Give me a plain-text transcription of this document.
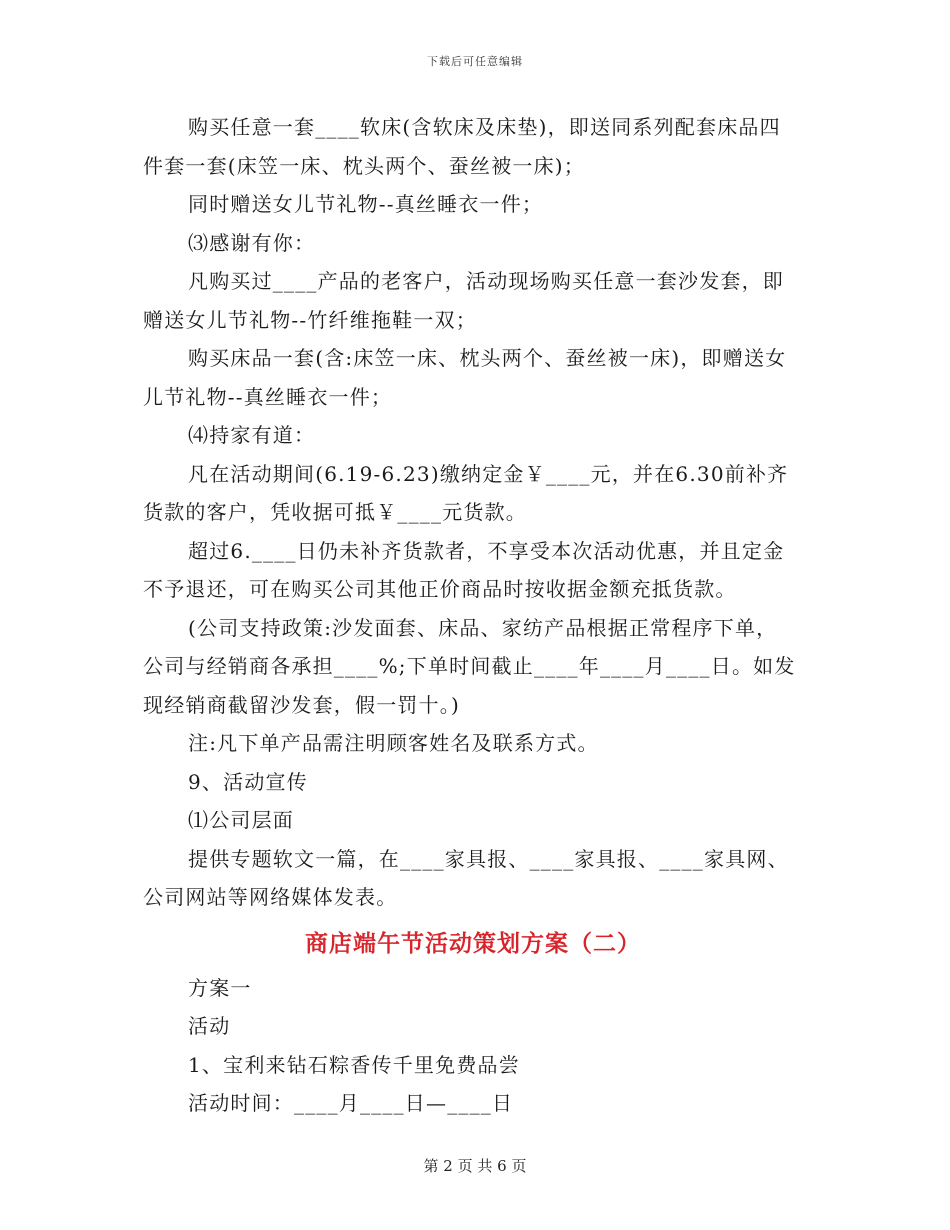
下载后可任意编辑
购买任意一套____软床(含软床及床垫)，即送同系列配套床品四
件套一套(床笠一床、枕头两个、蚕丝被一床)；
同时赠送女儿节礼物--真丝睡衣一件；
⑶感谢有你：
凡购买过____产品的老客户，活动现场购买任意一套沙发套，即
赠送女儿节礼物--竹纤维拖鞋一双；
购买床品一套(含:床笠一床、枕头两个、蚕丝被一床)，即赠送女
儿节礼物--真丝睡衣一件；
⑷持家有道：
凡在活动期间(6.19-6.23)缴纳定金￥____元，并在6.30前补齐
货款的客户，凭收据可抵￥____元货款。
超过6.____日仍未补齐货款者，不享受本次活动优惠，并且定金
不予退还，可在购买公司其他正价商品时按收据金额充抵货款。
(公司支持政策:沙发面套、床品、家纺产品根据正常程序下单，
公司与经销商各承担____%;下单时间截止____年____月____日。如发
现经销商截留沙发套，假一罚十。)
注:凡下单产品需注明顾客姓名及联系方式。
9、活动宣传
⑴公司层面
提供专题软文一篇，在____家具报、____家具报、____家具网、
公司网站等网络媒体发表。
商店端午节活动策划方案（二）
方案一
活动
1、宝利来钻石粽香传千里免费品尝
活动时间：____月____日—____日
第 2 页 共 6 页
